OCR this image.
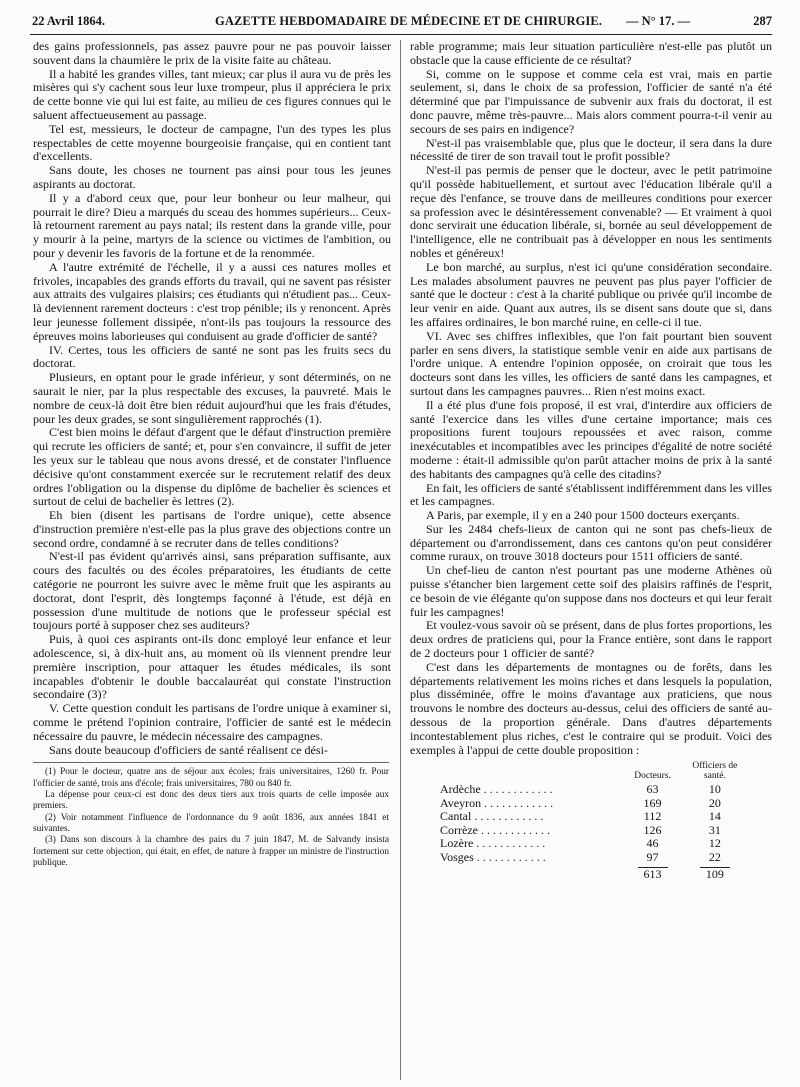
22 Avril 1864.	GAZETTE HEBDOMADAIRE DE MÉDECINE ET DE CHIRURGIE. — N° 17. —	287

des gains professionnels, pas assez pauvre pour ne pas pouvoir laisser souvent dans la chaumière le prix de la visite faite au château.

Il a habité les grandes villes, tant mieux; car plus il aura vu de près les misères qui s'y cachent sous leur luxe trompeur, plus il appréciera le prix de cette bonne vie qui lui est faite, au milieu de ces figures connues qui le saluent affectueusement au passage.

Tel est, messieurs, le docteur de campagne, l'un des types les plus respectables de cette moyenne bourgeoisie française, qui en contient tant d'excellents.

Sans doute, les choses ne tournent pas ainsi pour tous les jeunes aspirants au doctorat.

Il y a d'abord ceux que, pour leur bonheur ou leur malheur, qui pourrait le dire? Dieu a marqués du sceau des hommes supérieurs... Ceux-là retournent rarement au pays natal; ils restent dans la grande ville, pour y mourir à la peine, martyrs de la science ou victimes de l'ambition, ou pour y devenir les favoris de la fortune et de la renommée.

A l'autre extrémité de l'échelle, il y a aussi ces natures molles et frivoles, incapables des grands efforts du travail, qui ne savent pas résister aux attraits des vulgaires plaisirs; ces étudiants qui n'étudient pas... Ceux-là deviennent rarement docteurs : c'est trop pénible; ils y renoncent. Après leur jeunesse follement dissipée, n'ont-ils pas toujours la ressource des épreuves moins laborieuses qui conduisent au grade d'officier de santé?

IV. Certes, tous les officiers de santé ne sont pas les fruits secs du doctorat.

Plusieurs, en optant pour le grade inférieur, y sont déterminés, on ne saurait le nier, par la plus respectable des excuses, la pauvreté. Mais le nombre de ceux-là doit être bien réduit aujourd'hui que les frais d'études, pour les deux grades, se sont singulièrement rapprochés (1).

C'est bien moins le défaut d'argent que le défaut d'instruction première qui recrute les officiers de santé; et, pour s'en convaincre, il suffit de jeter les yeux sur le tableau que nous avons dressé, et de constater l'influence décisive qu'ont constamment exercée sur le recrutement relatif des deux ordres l'obligation ou la dispense du diplôme de bachelier ès sciences et surtout de celui de bachelier ès lettres (2).

Eh bien (disent les partisans de l'ordre unique), cette absence d'instruction première n'est-elle pas la plus grave des objections contre un second ordre, condamné à se recruter dans de telles conditions?

N'est-il pas évident qu'arrivés ainsi, sans préparation suffisante, aux cours des facultés ou des écoles préparatoires, les étudiants de cette catégorie ne pourront les suivre avec le même fruit que les aspirants au doctorat, dont l'esprit, dès longtemps façonné à l'étude, est déjà en possession d'une multitude de notions que le professeur spécial est toujours porté à supposer chez ses auditeurs?

Puis, à quoi ces aspirants ont-ils donc employé leur enfance et leur adolescence, si, à dix-huit ans, au moment où ils viennent prendre leur première inscription, pour attaquer les études médicales, ils sont incapables d'obtenir le double baccalauréat qui constate l'instruction secondaire (3)?

V. Cette question conduit les partisans de l'ordre unique à examiner si, comme le prétend l'opinion contraire, l'officier de santé est le médecin nécessaire du pauvre, le médecin nécessaire des campagnes.

Sans doute beaucoup d'officiers de santé réalisent ce dési-

(1) Pour le docteur, quatre ans de séjour aux écoles; frais universitaires, 1260 fr. Pour l'officier de santé, trois ans d'école; frais universitaires, 780 ou 840 fr.

La dépense pour ceux-ci est donc des deux tiers aux trois quarts de celle imposée aux premiers.

(2) Voir notamment l'influence de l'ordonnance du 9 août 1836, aux années 1841 et suivantes.

(3) Dans son discours à la chambre des pairs du 7 juin 1847, M. de Salvandy insista fortement sur cette objection, qui était, en effet, de nature à frapper un ministre de l'instruction publique.

rable programme; mais leur situation particulière n'est-elle pas plutôt un obstacle que la cause efficiente de ce résultat?

Si, comme on le suppose et comme cela est vrai, mais en partie seulement, si, dans le choix de sa profession, l'officier de santé n'a été déterminé que par l'impuissance de subvenir aux frais du doctorat, il est donc pauvre, même très-pauvre... Mais alors comment pourra-t-il venir au secours de ses pairs en indigence?

N'est-il pas vraisemblable que, plus que le docteur, il sera dans la dure nécessité de tirer de son travail tout le profit possible?

N'est-il pas permis de penser que le docteur, avec le petit patrimoine qu'il possède habituellement, et surtout avec l'éducation libérale qu'il a reçue dès l'enfance, se trouve dans de meilleures conditions pour exercer sa profession avec le désintéressement convenable? — Et vraiment à quoi donc servirait une éducation libérale, si, bornée au seul développement de l'intelligence, elle ne contribuait pas à développer en nous les sentiments nobles et généreux!

Le bon marché, au surplus, n'est ici qu'une considération secondaire. Les malades absolument pauvres ne peuvent pas plus payer l'officier de santé que le docteur : c'est à la charité publique ou privée qu'il incombe de leur venir en aide. Quant aux autres, ils se disent sans doute que si, dans les affaires ordinaires, le bon marché ruine, en celle-ci il tue.

VI. Avec ses chiffres inflexibles, que l'on fait pourtant bien souvent parler en sens divers, la statistique semble venir en aide aux partisans de l'ordre unique. A entendre l'opinion opposée, on croirait que tous les docteurs sont dans les villes, les officiers de santé dans les campagnes, et surtout dans les campagnes pauvres... Rien n'est moins exact.

Il a été plus d'une fois proposé, il est vrai, d'interdire aux officiers de santé l'exercice dans les villes d'une certaine importance; mais ces propositions furent toujours repoussées et avec raison, comme inexécutables et incompatibles avec les principes d'égalité de notre société moderne : était-il admissible qu'on parût attacher moins de prix à la santé des habitants des campagnes qu'à celle des citadins?

En fait, les officiers de santé s'établissent indifféremment dans les villes et les campagnes.

A Paris, par exemple, il y en a 240 pour 1500 docteurs exerçants.

Sur les 2484 chefs-lieux de canton qui ne sont pas chefs-lieux de département ou d'arrondissement, dans ces cantons qu'on peut considérer comme ruraux, on trouve 3018 docteurs pour 1511 officiers de santé.

Un chef-lieu de canton n'est pourtant pas une moderne Athènes où puisse s'étancher bien largement cette soif des plaisirs raffinés de l'esprit, ce besoin de vie élégante qu'on suppose dans nos docteurs et qui leur ferait fuir les campagnes!

Et voulez-vous savoir où se présent, dans de plus fortes proportions, les deux ordres de praticiens qui, pour la France entière, sont dans le rapport de 2 docteurs pour 1 officier de santé?

C'est dans les départements de montagnes ou de forêts, dans les départements relativement les moins riches et dans lesquels la population, plus disséminée, offre le moins d'avantage aux praticiens, que nous trouvons le nombre des docteurs au-dessus, celui des officiers de santé au-dessous de la proportion générale. Dans d'autres départements incontestablement plus riches, c'est le contraire qui se produit. Voici des exemples à l'appui de cette double proposition :

	Docteurs.	Officiers de santé.
Ardèche . . . . . . . . . . . .	63	10
Aveyron . . . . . . . . . . . .	169	20
Cantal . . . . . . . . . . . .	112	14
Corrèze . . . . . . . . . . . .	126	31
Lozère . . . . . . . . . . . .	46	12
Vosges . . . . . . . . . . . .	97	22
	613	109
